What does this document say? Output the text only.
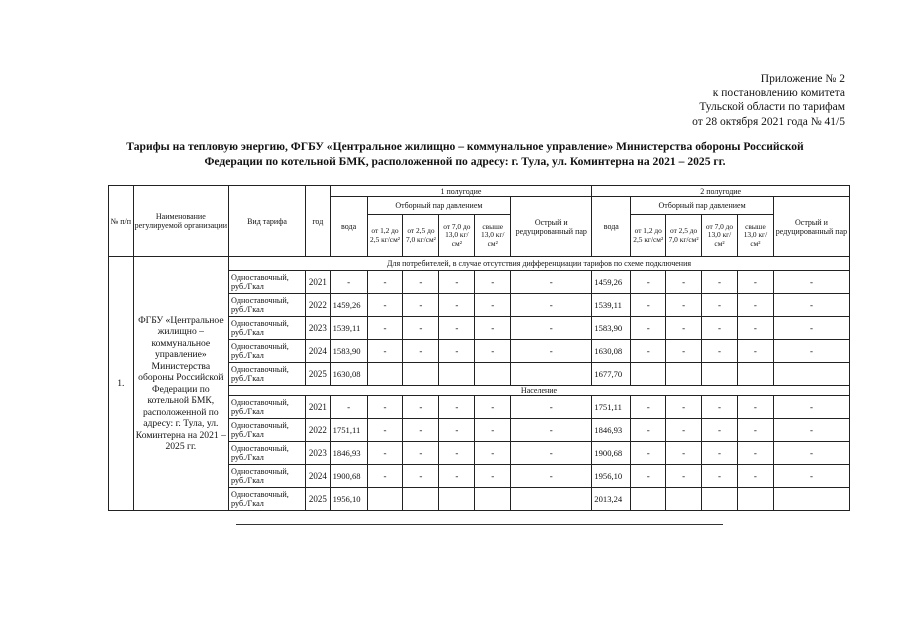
Приложение № 2
к постановлению комитета
Тульской области по тарифам
от 28 октября 2021 года № 41/5
Тарифы на тепловую энергию, ФГБУ «Центральное жилищно – коммунальное управление» Министерства обороны Российской
Федерации по котельной БМК, расположенной по адресу: г. Тула, ул. Коминтерна на 2021 – 2025 гг.
№ п/п	Наименование регулируемой организации	Вид тарифа	год	1 полугодие						2 полугодие					
				вода	Отборный пар давлением				Острый и редуцированный пар	вода	Отборный пар давлением				Острый и редуцированный пар
					от 1,2 до 2,5 кг/см²	от 2,5 до 7,0 кг/см²	от 7,0 до 13,0 кг/см²	свыше 13,0 кг/см²			от 1,2 до 2,5 кг/см²	от 2,5 до 7,0 кг/см²	от 7,0 до 13,0 кг/см²	свыше 13,0 кг/см²	
1.	ФГБУ «Центральное жилищно – коммунальное управление» Министерства обороны Российской Федерации по котельной БМК, расположенной по адресу: г. Тула, ул. Коминтерна на 2021 – 2025 гг.	Для потребителей, в случае отсутствия дифференциации тарифов по схеме подключения													
		Одноставочный, руб./Гкал	2021	-	-	-	-	-	-	1459,26	-	-	-	-	-
		Одноставочный, руб./Гкал	2022	1459,26	-	-	-	-	-	1539,11	-	-	-	-	-
		Одноставочный, руб./Гкал	2023	1539,11	-	-	-	-	-	1583,90	-	-	-	-	-
		Одноставочный, руб./Гкал	2024	1583,90	-	-	-	-	-	1630,08	-	-	-	-	-
		Одноставочный, руб./Гкал	2025	1630,08						1677,70					
		Население													
		Одноставочный, руб./Гкал	2021	-	-	-	-	-	-	1751,11	-	-	-	-	-
		Одноставочный, руб./Гкал	2022	1751,11	-	-	-	-	-	1846,93	-	-	-	-	-
		Одноставочный, руб./Гкал	2023	1846,93	-	-	-	-	-	1900,68	-	-	-	-	-
		Одноставочный, руб./Гкал	2024	1900,68	-	-	-	-	-	1956,10	-	-	-	-	-
		Одноставочный, руб./Гкал	2025	1956,10						2013,24					
